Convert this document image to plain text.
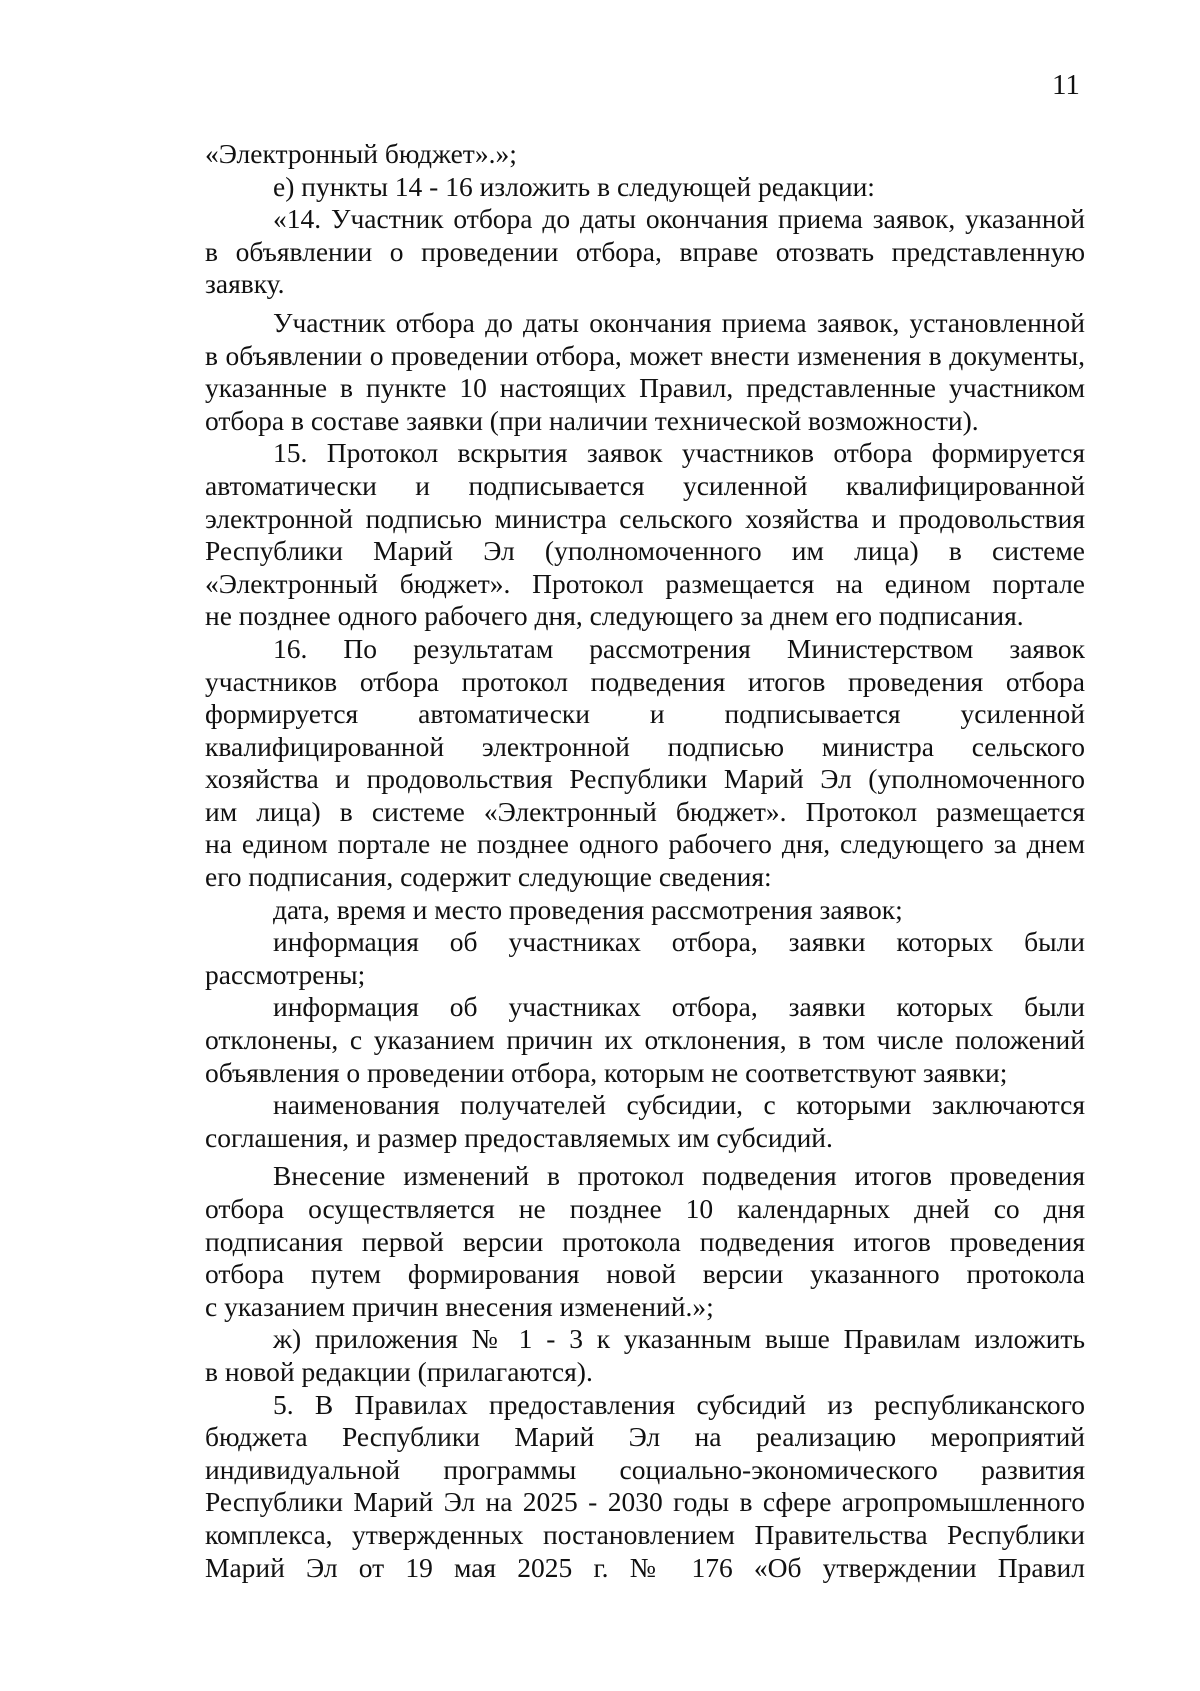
11
«Электронный бюджет».»;
е) пункты 14 - 16 изложить в следующей редакции:
«14. Участник отбора до даты окончания приема заявок, указанной
в объявлении о проведении отбора, вправе отозвать представленную
заявку.
Участник отбора до даты окончания приема заявок, установленной
в объявлении о проведении отбора, может внести изменения в документы,
указанные в пункте 10 настоящих Правил, представленные участником
отбора в составе заявки (при наличии технической возможности).
15. Протокол вскрытия заявок участников отбора формируется
автоматически и подписывается усиленной квалифицированной
электронной подписью министра сельского хозяйства и продовольствия
Республики Марий Эл (уполномоченного им лица) в системе
«Электронный бюджет». Протокол размещается на едином портале
не позднее одного рабочего дня, следующего за днем его подписания.
16. По результатам рассмотрения Министерством заявок
участников отбора протокол подведения итогов проведения отбора
формируется автоматически и подписывается усиленной
квалифицированной электронной подписью министра сельского
хозяйства и продовольствия Республики Марий Эл (уполномоченного
им лица) в системе «Электронный бюджет». Протокол размещается
на едином портале не позднее одного рабочего дня, следующего за днем
его подписания, содержит следующие сведения:
дата, время и место проведения рассмотрения заявок;
информация об участниках отбора, заявки которых были
рассмотрены;
информация об участниках отбора, заявки которых были
отклонены, с указанием причин их отклонения, в том числе положений
объявления о проведении отбора, которым не соответствуют заявки;
наименования получателей субсидии, с которыми заключаются
соглашения, и размер предоставляемых им субсидий.
Внесение изменений в протокол подведения итогов проведения
отбора осуществляется не позднее 10 календарных дней со дня
подписания первой версии протокола подведения итогов проведения
отбора путем формирования новой версии указанного протокола
с указанием причин внесения изменений.»;
ж) приложения № 1 - 3 к указанным выше Правилам изложить
в новой редакции (прилагаются).
5. В Правилах предоставления субсидий из республиканского
бюджета Республики Марий Эл на реализацию мероприятий
индивидуальной программы социально-экономического развития
Республики Марий Эл на 2025 - 2030 годы в сфере агропромышленного
комплекса, утвержденных постановлением Правительства Республики
Марий Эл от 19 мая 2025 г. № 176 «Об утверждении Правил
